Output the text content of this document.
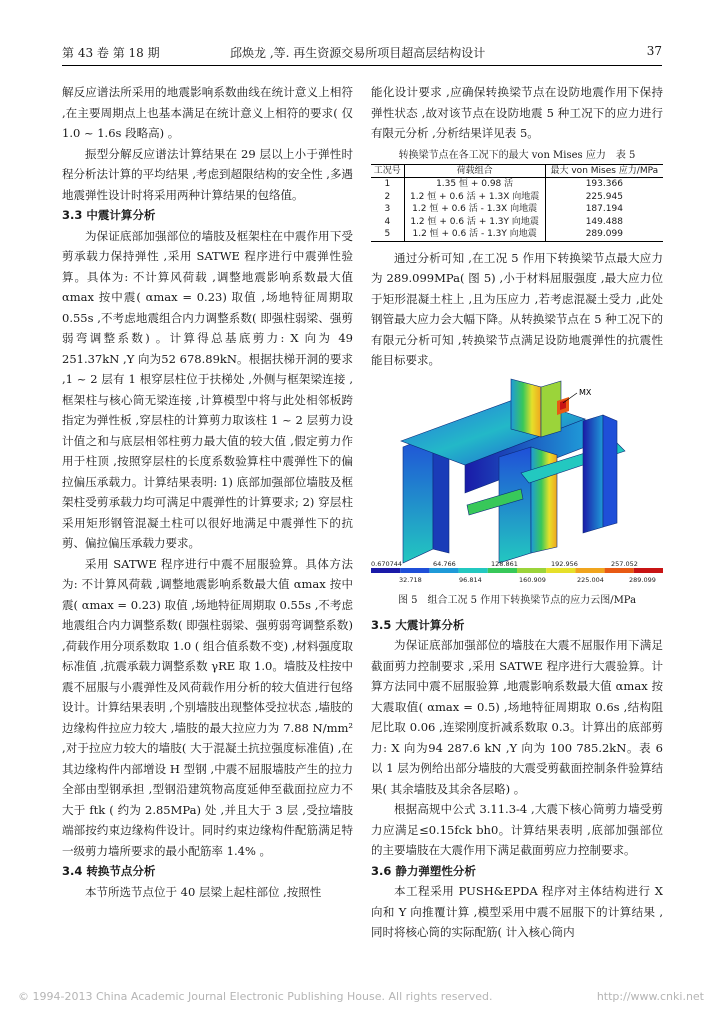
第 43 卷 第 18 期	邱焕龙 ,等. 再生资源交易所项目超高层结构设计	37

解反应谱法所采用的地震影响系数曲线在统计意义上相符 ,在主要周期点上也基本满足在统计意义上相符的要求( 仅 1.0 ~ 1.6s 段略高) 。

振型分解反应谱法计算结果在 29 层以上小于弹性时程分析法计算的平均结果 ,考虑到超限结构的安全性 ,多遇地震弹性设计时将采用两种计算结果的包络值。

3.3 中震计算分析

为保证底部加强部位的墙肢及框架柱在中震作用下受剪承载力保持弹性 ,采用 SATWE 程序进行中震弹性验算。具体为: 不计算风荷载 ,调整地震影响系数最大值 αmax 按中震( αmax = 0.23) 取值 ,场地特征周期取 0.55s ,不考虑地震组合内力调整系数( 即强柱弱梁、强剪弱弯调整系数) 。计算得总基底剪力: X 向为 49 251.37kN ,Y 向为52 678.89kN。根据扶梯开洞的要求 ,1 ~ 2 层有 1 根穿层柱位于扶梯处 ,外侧与框架梁连接 ,框架柱与核心筒无梁连接 ,计算模型中将与此处相邻板跨指定为弹性板 ,穿层柱的计算剪力取该柱 1 ~ 2 层剪力设计值之和与底层相邻柱剪力最大值的较大值 ,假定剪力作用于柱顶 ,按照穿层柱的长度系数验算柱中震弹性下的偏拉偏压承载力。计算结果表明: 1) 底部加强部位墙肢及框架柱受剪承载力均可满足中震弹性的计算要求; 2) 穿层柱采用矩形钢管混凝土柱可以很好地满足中震弹性下的抗剪、偏拉偏压承载力要求。

采用 SATWE 程序进行中震不屈服验算。具体方法为: 不计算风荷载 ,调整地震影响系数最大值 αmax 按中震( αmax = 0.23) 取值 ,场地特征周期取 0.55s ,不考虑地震组合内力调整系数( 即强柱弱梁、强剪弱弯调整系数) ,荷载作用分项系数取 1.0 ( 组合值系数不变) ,材料强度取标准值 ,抗震承载力调整系数 γRE 取 1.0。墙肢及柱按中震不屈服与小震弹性及风荷载作用分析的较大值进行包络设计。计算结果表明 ,个别墙肢出现整体受拉状态 ,墙肢的边缘构件拉应力较大 ,墙肢的最大拉应力为 7.88 N/mm² ,对于拉应力较大的墙肢( 大于混凝土抗拉强度标准值) ,在其边缘构件内部增设 H 型钢 ,中震不屈服墙肢产生的拉力全部由型钢承担 ,型钢沿建筑物高度延伸至截面拉应力不大于 ftk ( 约为 2.85MPa) 处 ,并且大于 3 层 ,受拉墙肢端部按约束边缘构件设计。同时约束边缘构件配筋满足特一级剪力墙所要求的最小配筋率 1.4% 。

3.4 转换节点分析

本节所选节点位于 40 层梁上起柱部位 ,按照性

能化设计要求 ,应确保转换梁节点在设防地震作用下保持弹性状态 ,故对该节点在设防地震 5 种工况下的应力进行有限元分析 ,分析结果详见表 5。

转换梁节点在各工况下的最大 von Mises 应力　表 5
工况号	荷载组合	最大 von Mises 应力/MPa
1	1.35 恒 + 0.98 活	193.366
2	1.2 恒 + 0.6 活 + 1.3X 向地震	225.945
3	1.2 恒 + 0.6 活 - 1.3X 向地震	187.194
4	1.2 恒 + 0.6 活 + 1.3Y 向地震	149.488
5	1.2 恒 + 0.6 活 - 1.3Y 向地震	289.099

通过分析可知 ,在工况 5 作用下转换梁节点最大应力为 289.099MPa( 图 5) ,小于材料屈服强度 ,最大应力位于矩形混凝土柱上 ,且为压应力 ,若考虑混凝土受力 ,此处钢管最大应力会大幅下降。从转换梁节点在 5 种工况下的有限元分析可知 ,转换梁节点满足设防地震弹性的抗震性能目标要求。

MX
0.670744	64.766	128.861	192.956	257.052
32.718	96.814	160.909	225.004	289.099
图 5　组合工况 5 作用下转换梁节点的应力云图/MPa
3.5 大震计算分析

为保证底部加强部位的墙肢在大震不屈服作用下满足截面剪力控制要求 ,采用 SATWE 程序进行大震验算。计算方法同中震不屈服验算 ,地震影响系数最大值 αmax 按大震取值( αmax = 0.5) ,场地特征周期取 0.6s ,结构阻尼比取 0.06 ,连梁刚度折减系数取 0.3。计算出的底部剪力: X 向为94 287.6 kN ,Y 向为 100 785.2kN。表 6 以 1 层为例给出部分墙肢的大震受剪截面控制条件验算结果( 其余墙肢及其余各层略) 。

根据高规中公式 3.11.3-4 ,大震下核心筒剪力墙受剪力应满足≤0.15fck bh0。计算结果表明 ,底部加强部位的主要墙肢在大震作用下满足截面剪应力控制要求。

3.6 静力弹塑性分析

本工程采用 PUSH&EPDA 程序对主体结构进行 X 向和 Y 向推覆计算 ,模型采用中震不屈服下的计算结果 ,同时将核心筒的实际配筋( 计入核心筒内

© 1994-2013 China Academic Journal Electronic Publishing House. All rights reserved.	http://www.cnki.net
